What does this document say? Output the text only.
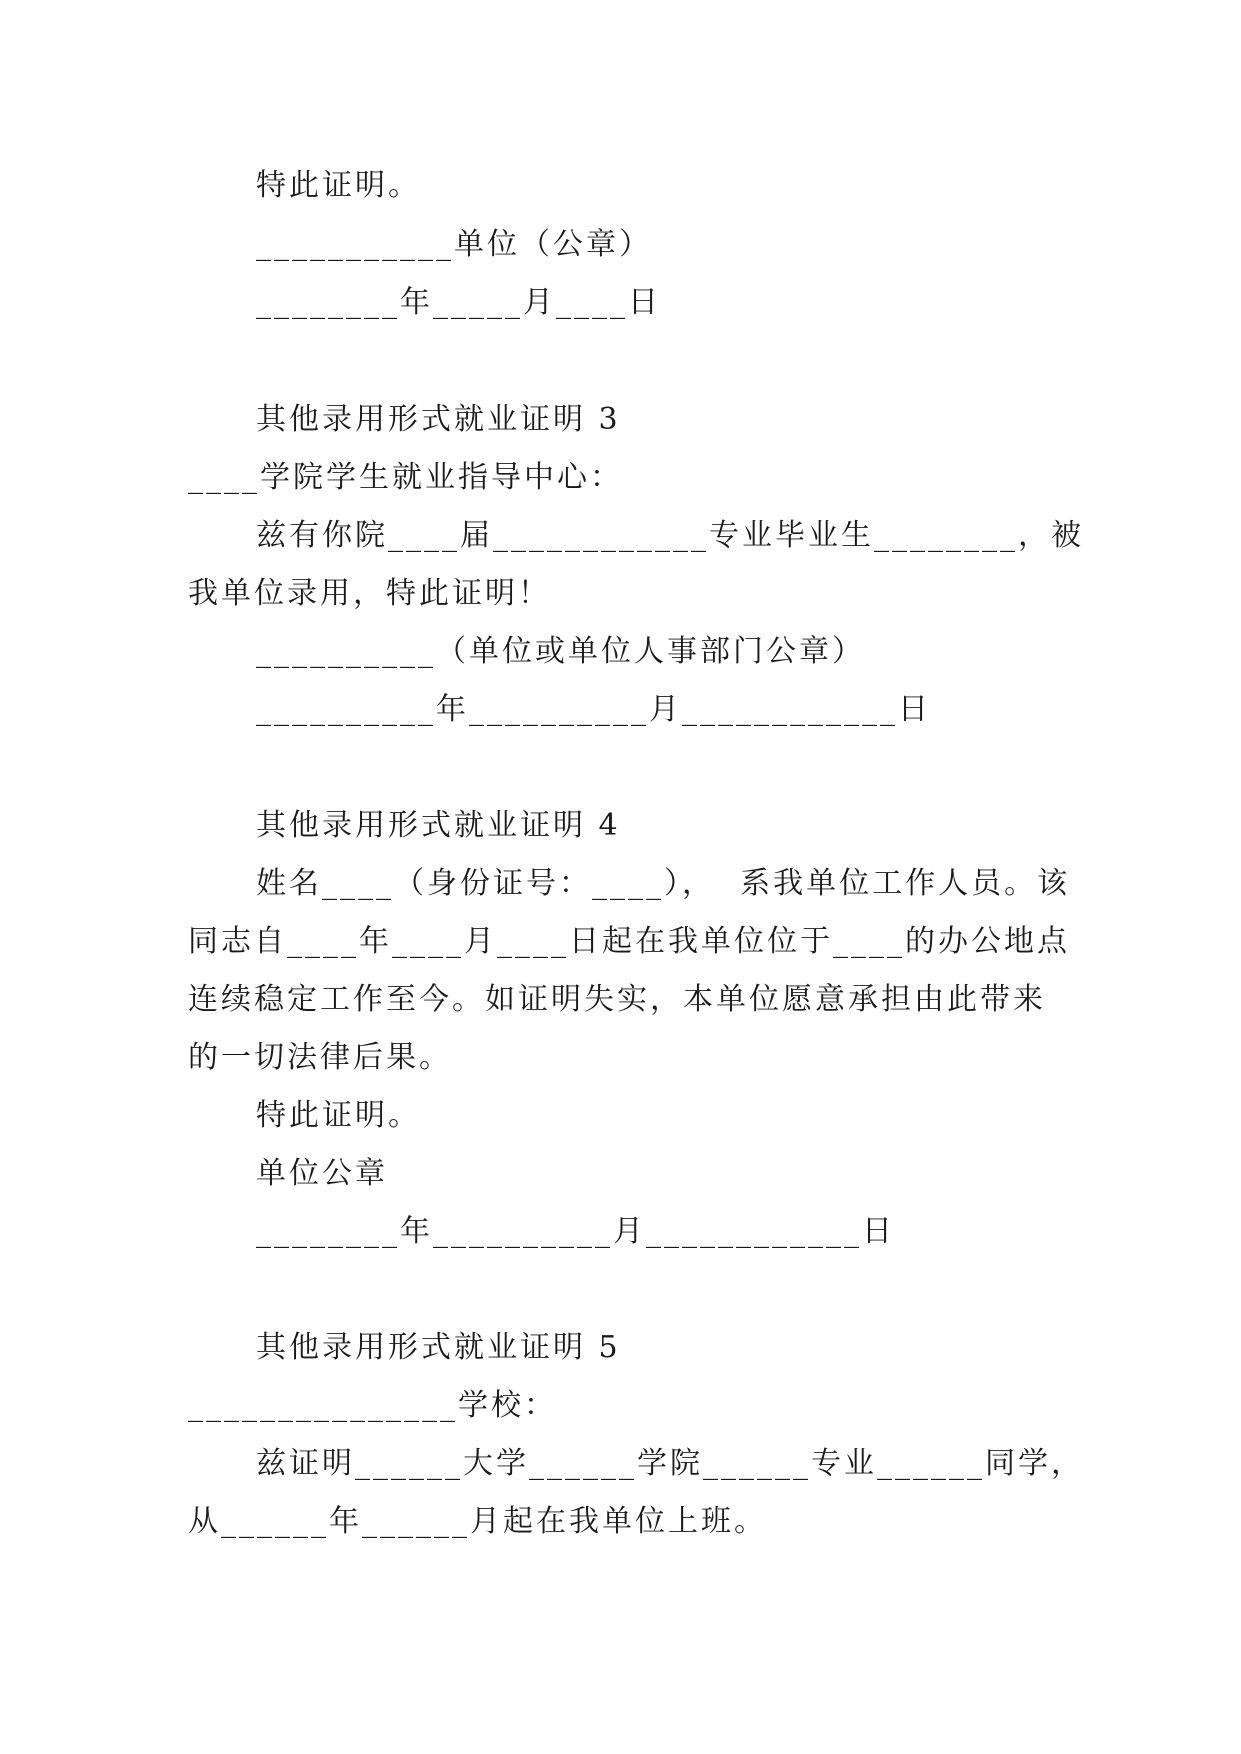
特此证明。

___________单位（公章）

________年_____月____日

其他录用形式就业证明 3

____学院学生就业指导中心：

兹有你院____届____________专业毕业生________，被

我单位录用，特此证明！

__________（单位或单位人事部门公章）

__________年__________月____________日

其他录用形式就业证明 4

姓名____（身份证号：____），  系我单位工作人员。该

同志自____年____月____日起在我单位位于____的办公地点

连续稳定工作至今。如证明失实，本单位愿意承担由此带来

的一切法律后果。

特此证明。

单位公章

________年__________月____________日

其他录用形式就业证明 5

_______________学校：

兹证明______大学______学院______专业______同学，

从______年______月起在我单位上班。
